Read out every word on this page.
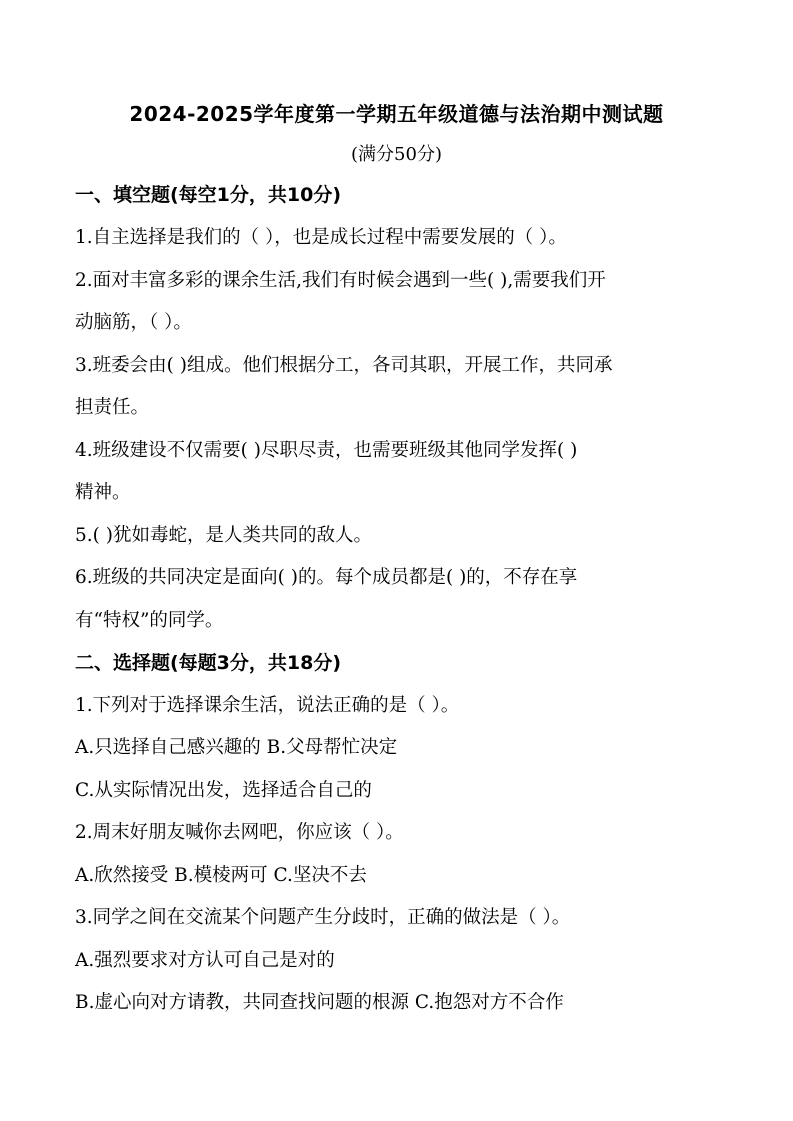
2024-2025学年度第一学期五年级道德与法治期中测试题
(满分50分)
一、填空题(每空1分，共10分)
1.自主选择是我们的（ ），也是成长过程中需要发展的（ ）。
2.面对丰富多彩的课余生活,我们有时候会遇到一些( ),需要我们开
动脑筋，（ ）。
3.班委会由( )组成。他们根据分工，各司其职，开展工作，共同承
担责任。
4.班级建设不仅需要( )尽职尽责，也需要班级其他同学发挥( )
精神。
5.( )犹如毒蛇，是人类共同的敌人。
6.班级的共同决定是面向( )的。每个成员都是( )的，不存在享
有“特权”的同学。
二、选择题(每题3分，共18分)
1.下列对于选择课余生活，说法正确的是（ ）。
A.只选择自己感兴趣的 B.父母帮忙决定
C.从实际情况出发，选择适合自己的
2.周末好朋友喊你去网吧，你应该（ ）。
A.欣然接受 B.模棱两可 C.坚决不去
3.同学之间在交流某个问题产生分歧时，正确的做法是（ ）。
A.强烈要求对方认可自己是对的
B.虚心向对方请教，共同查找问题的根源 C.抱怨对方不合作
